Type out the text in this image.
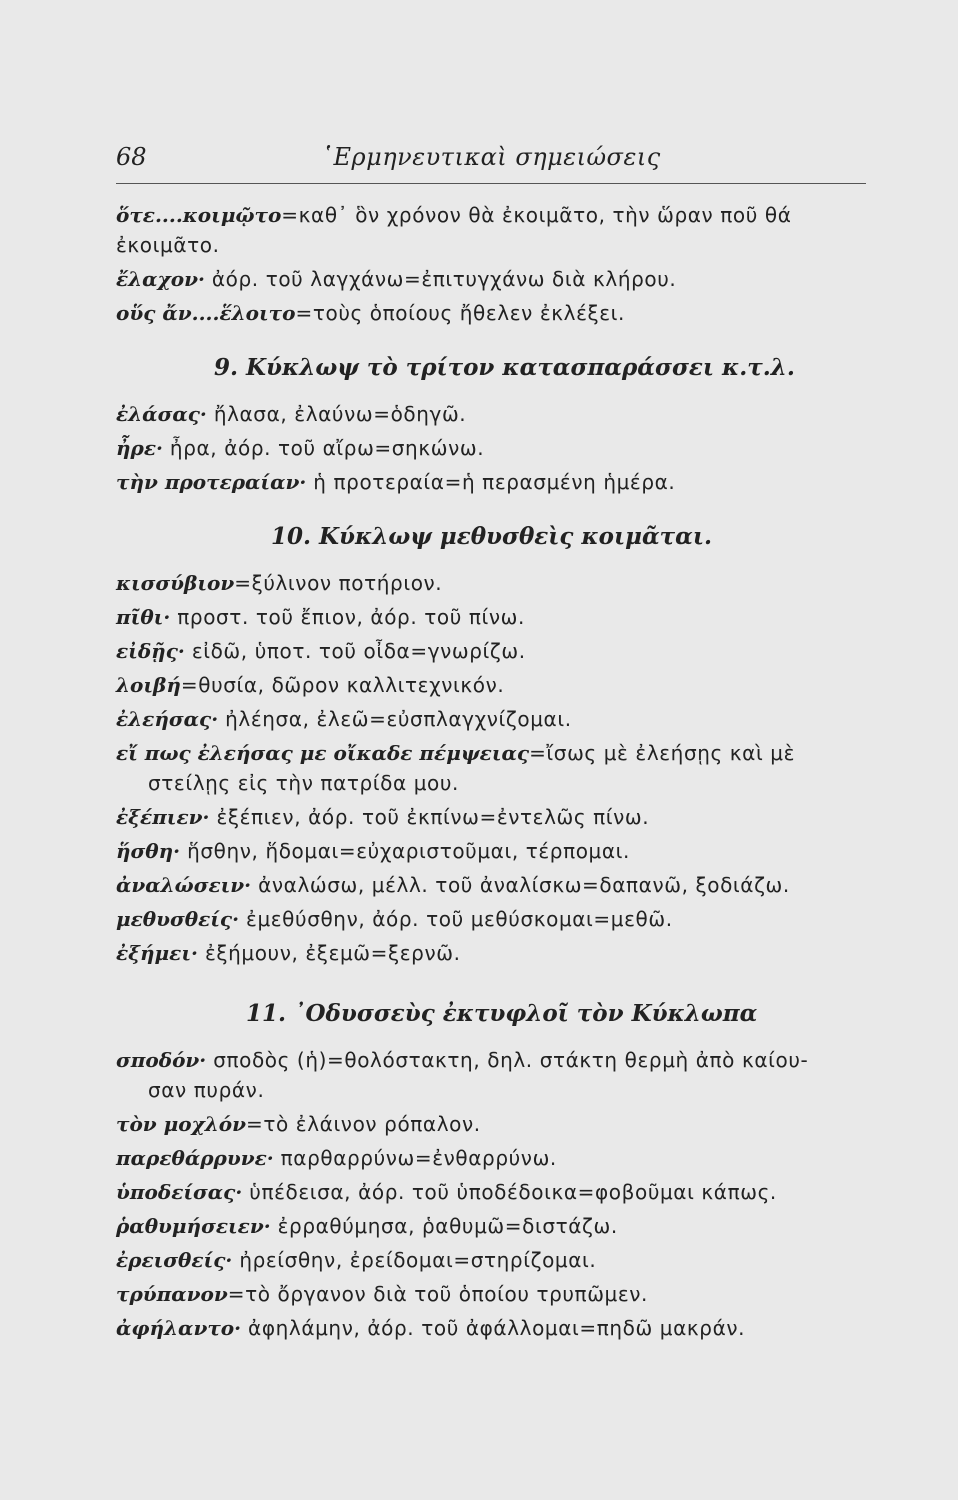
68	῾Ερμηνευτικαὶ σημειώσεις
ὅτε....κοιμῷτο=καθ᾿ ὃν χρόνον θὰ ἐκοιμᾶτο, τὴν ὥραν ποῦ θά
ἐκοιμᾶτο.
ἔλαχον· ἀόρ. τοῦ λαγχάνω=ἐπιτυγχάνω διὰ κλήρου.
οὕς ἄν....ἕλοιτο=τοὺς ὁποίους ἤθελεν ἐκλέξει.
9. Κύκλωψ τὸ τρίτον κατασπαράσσει κ.τ.λ.
ἐλάσας· ἤλασα, ἐλαύνω=ὁδηγῶ.
ἦρε· ἦρα, ἀόρ. τοῦ αἴρω=σηκώνω.
τὴν προτεραίαν· ἡ προτεραία=ἡ περασμένη ἡμέρα.
10. Κύκλωψ μεθυσθεὶς κοιμᾶται.
κισσύβιον=ξύλινον ποτήριον.
πῖθι· προστ. τοῦ ἔπιον, ἀόρ. τοῦ πίνω.
εἰδῇς· εἰδῶ, ὑποτ. τοῦ οἶδα=γνωρίζω.
λοιβή=θυσία, δῶρον καλλιτεχνικόν.
ἐλεήσας· ἠλέησα, ἐλεῶ=εὐσπλαγχνίζομαι.
εἴ πως ἐλεήσας με οἴκαδε πέμψειας=ἴσως μὲ ἐλεήσῃς καὶ μὲ
στείλῃς εἰς τὴν πατρίδα μου.
ἐξέπιεν· ἐξέπιεν, ἀόρ. τοῦ ἐκπίνω=ἐντελῶς πίνω.
ἥσθη· ἥσθην, ἥδομαι=εὐχαριστοῦμαι, τέρπομαι.
ἀναλώσειν· ἀναλώσω, μέλλ. τοῦ ἀναλίσκω=δαπανῶ, ξοδιάζω.
μεθυσθείς· ἐμεθύσθην, ἀόρ. τοῦ μεθύσκομαι=μεθῶ.
ἐξήμει· ἐξήμουν, ἐξεμῶ=ξερνῶ.
11. ᾿Οδυσσεὺς ἐκτυφλοῖ τὸν Κύκλωπα
σποδόν· σποδὸς (ἡ)=θολόστακτη, δηλ. στάκτη θερμὴ ἀπὸ καίου-
σαν πυράν.
τὸν μοχλόν=τὸ ἐλάινον ρόπαλον.
παρεθάρρυνε· παρθαρρύνω=ἐνθαρρύνω.
ὑποδείσας· ὑπέδεισα, ἀόρ. τοῦ ὑποδέδοικα=φοβοῦμαι κάπως.
ῥαθυμήσειεν· ἐρραθύμησα, ῥαθυμῶ=διστάζω.
ἐρεισθείς· ἠρείσθην, ἐρείδομαι=στηρίζομαι.
τρύπανον=τὸ ὄργανον διὰ τοῦ ὁποίου τρυπῶμεν.
ἀφήλαντο· ἀφηλάμην, ἀόρ. τοῦ ἀφάλλομαι=πηδῶ μακράν.
